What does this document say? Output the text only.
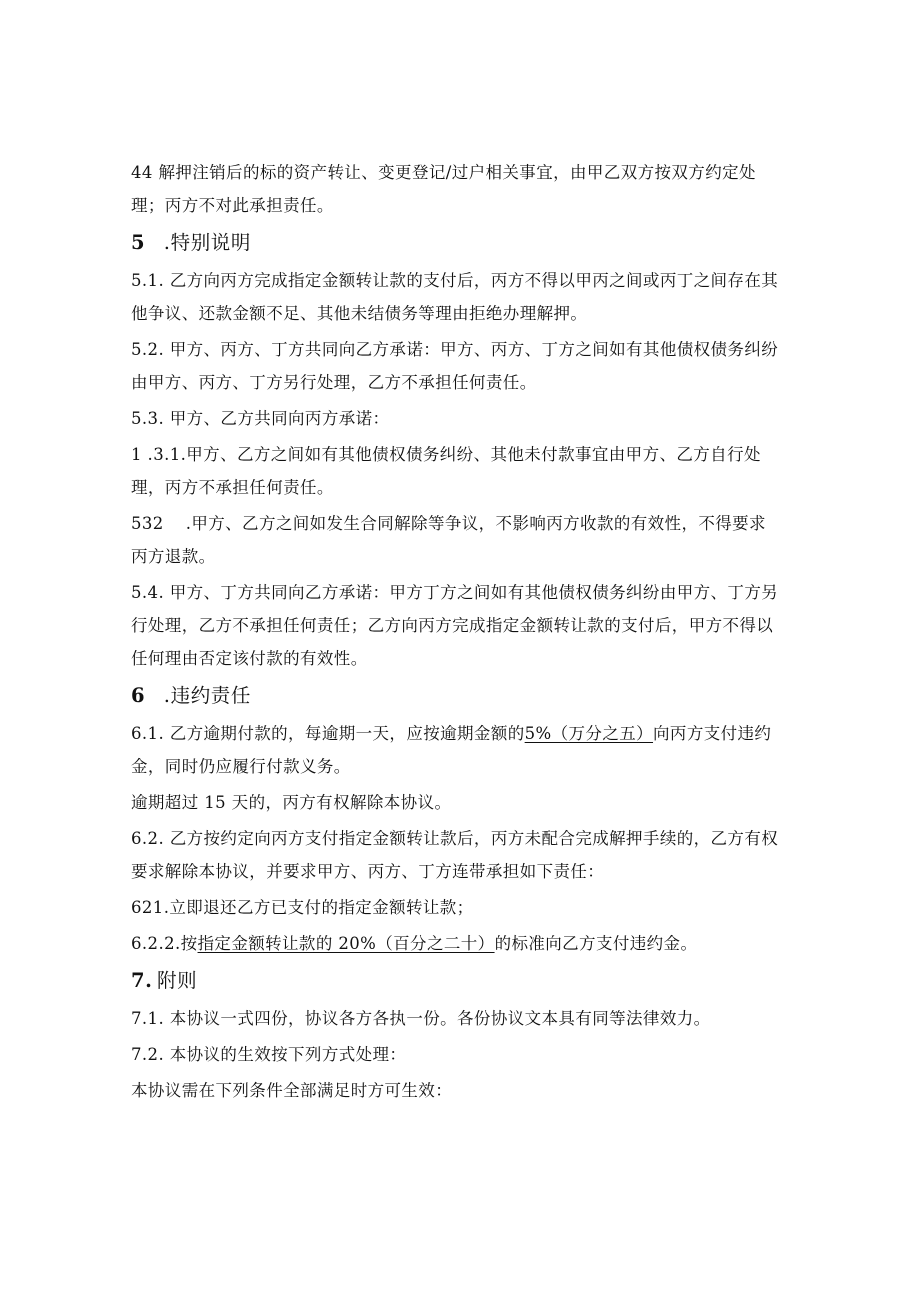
44 解押注销后的标的资产转让、变更登记/过户相关事宜，由甲乙双方按双方约定处
理；丙方不对此承担责任。
5 .特别说明
5.1. 乙方向丙方完成指定金额转让款的支付后，丙方不得以甲丙之间或丙丁之间存在其
他争议、还款金额不足、其他未结债务等理由拒绝办理解押。
5.2. 甲方、丙方、丁方共同向乙方承诺：甲方、丙方、丁方之间如有其他债权债务纠纷
由甲方、丙方、丁方另行处理，乙方不承担任何责任。
5.3. 甲方、乙方共同向丙方承诺：
1 .3.1.甲方、乙方之间如有其他债权债务纠纷、其他未付款事宜由甲方、乙方自行处
理，丙方不承担任何责任。
532 .甲方、乙方之间如发生合同解除等争议，不影响丙方收款的有效性，不得要求
丙方退款。
5.4. 甲方、丁方共同向乙方承诺：甲方丁方之间如有其他债权债务纠纷由甲方、丁方另
行处理，乙方不承担任何责任；乙方向丙方完成指定金额转让款的支付后，甲方不得以
任何理由否定该付款的有效性。
6 .违约责任
6.1. 乙方逾期付款的，每逾期一天，应按逾期金额的5%（万分之五）向丙方支付违约
金，同时仍应履行付款义务。
逾期超过 15 天的，丙方有权解除本协议。
6.2. 乙方按约定向丙方支付指定金额转让款后，丙方未配合完成解押手续的，乙方有权
要求解除本协议，并要求甲方、丙方、丁方连带承担如下责任：
621.立即退还乙方已支付的指定金额转让款；
6.2.2.按指定金额转让款的 20%（百分之二十）的标准向乙方支付违约金。
7. 附则
7.1. 本协议一式四份，协议各方各执一份。各份协议文本具有同等法律效力。
7.2. 本协议的生效按下列方式处理：
本协议需在下列条件全部满足时方可生效：
